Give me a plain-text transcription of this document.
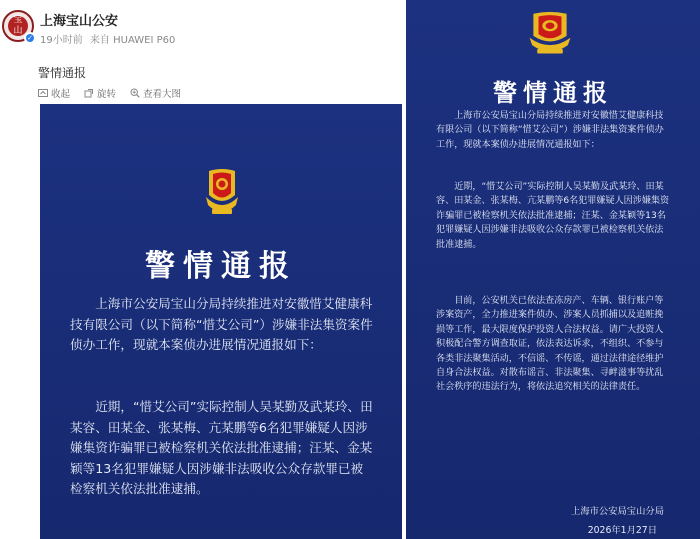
宝
山
✓
上海宝山公安
19小时前 来自 HUAWEI P60
警情通报
收起	旋转	查看大图
警情通报
上海市公安局宝山分局持续推进对安徽惜艾健康科技有限公司（以下简称“惜艾公司”）涉嫌非法集资案件侦办工作，现就本案侦办进展情况通报如下：
近期，“惜艾公司”实际控制人吴某勤及武某玲、田某容、田某金、张某梅、亢某鹏等6名犯罪嫌疑人因涉嫌集资诈骗罪已被检察机关依法批准逮捕；汪某、金某颖等13名犯罪嫌疑人因涉嫌非法吸收公众存款罪已被检察机关依法批准逮捕。
警情通报
上海市公安局宝山分局持续推进对安徽惜艾健康科技有限公司（以下简称“惜艾公司”）涉嫌非法集资案件侦办工作，现就本案侦办进展情况通报如下：
近期，“惜艾公司”实际控制人吴某勤及武某玲、田某容、田某金、张某梅、亢某鹏等6名犯罪嫌疑人因涉嫌集资诈骗罪已被检察机关依法批准逮捕；汪某、金某颖等13名犯罪嫌疑人因涉嫌非法吸收公众存款罪已被检察机关依法批准逮捕。
目前，公安机关已依法查冻房产、车辆、银行账户等涉案资产，全力推进案件侦办、涉案人员抓捕以及追赃挽损等工作，最大限度保护投资人合法权益。请广大投资人积极配合警方调查取证，依法表达诉求，不组织、不参与各类非法聚集活动，不信谣、不传谣，通过法律途径维护自身合法权益。对散布谣言、非法聚集、寻衅滋事等扰乱社会秩序的违法行为，将依法追究相关的法律责任。
上海市公安局宝山分局
2026年1月27日
